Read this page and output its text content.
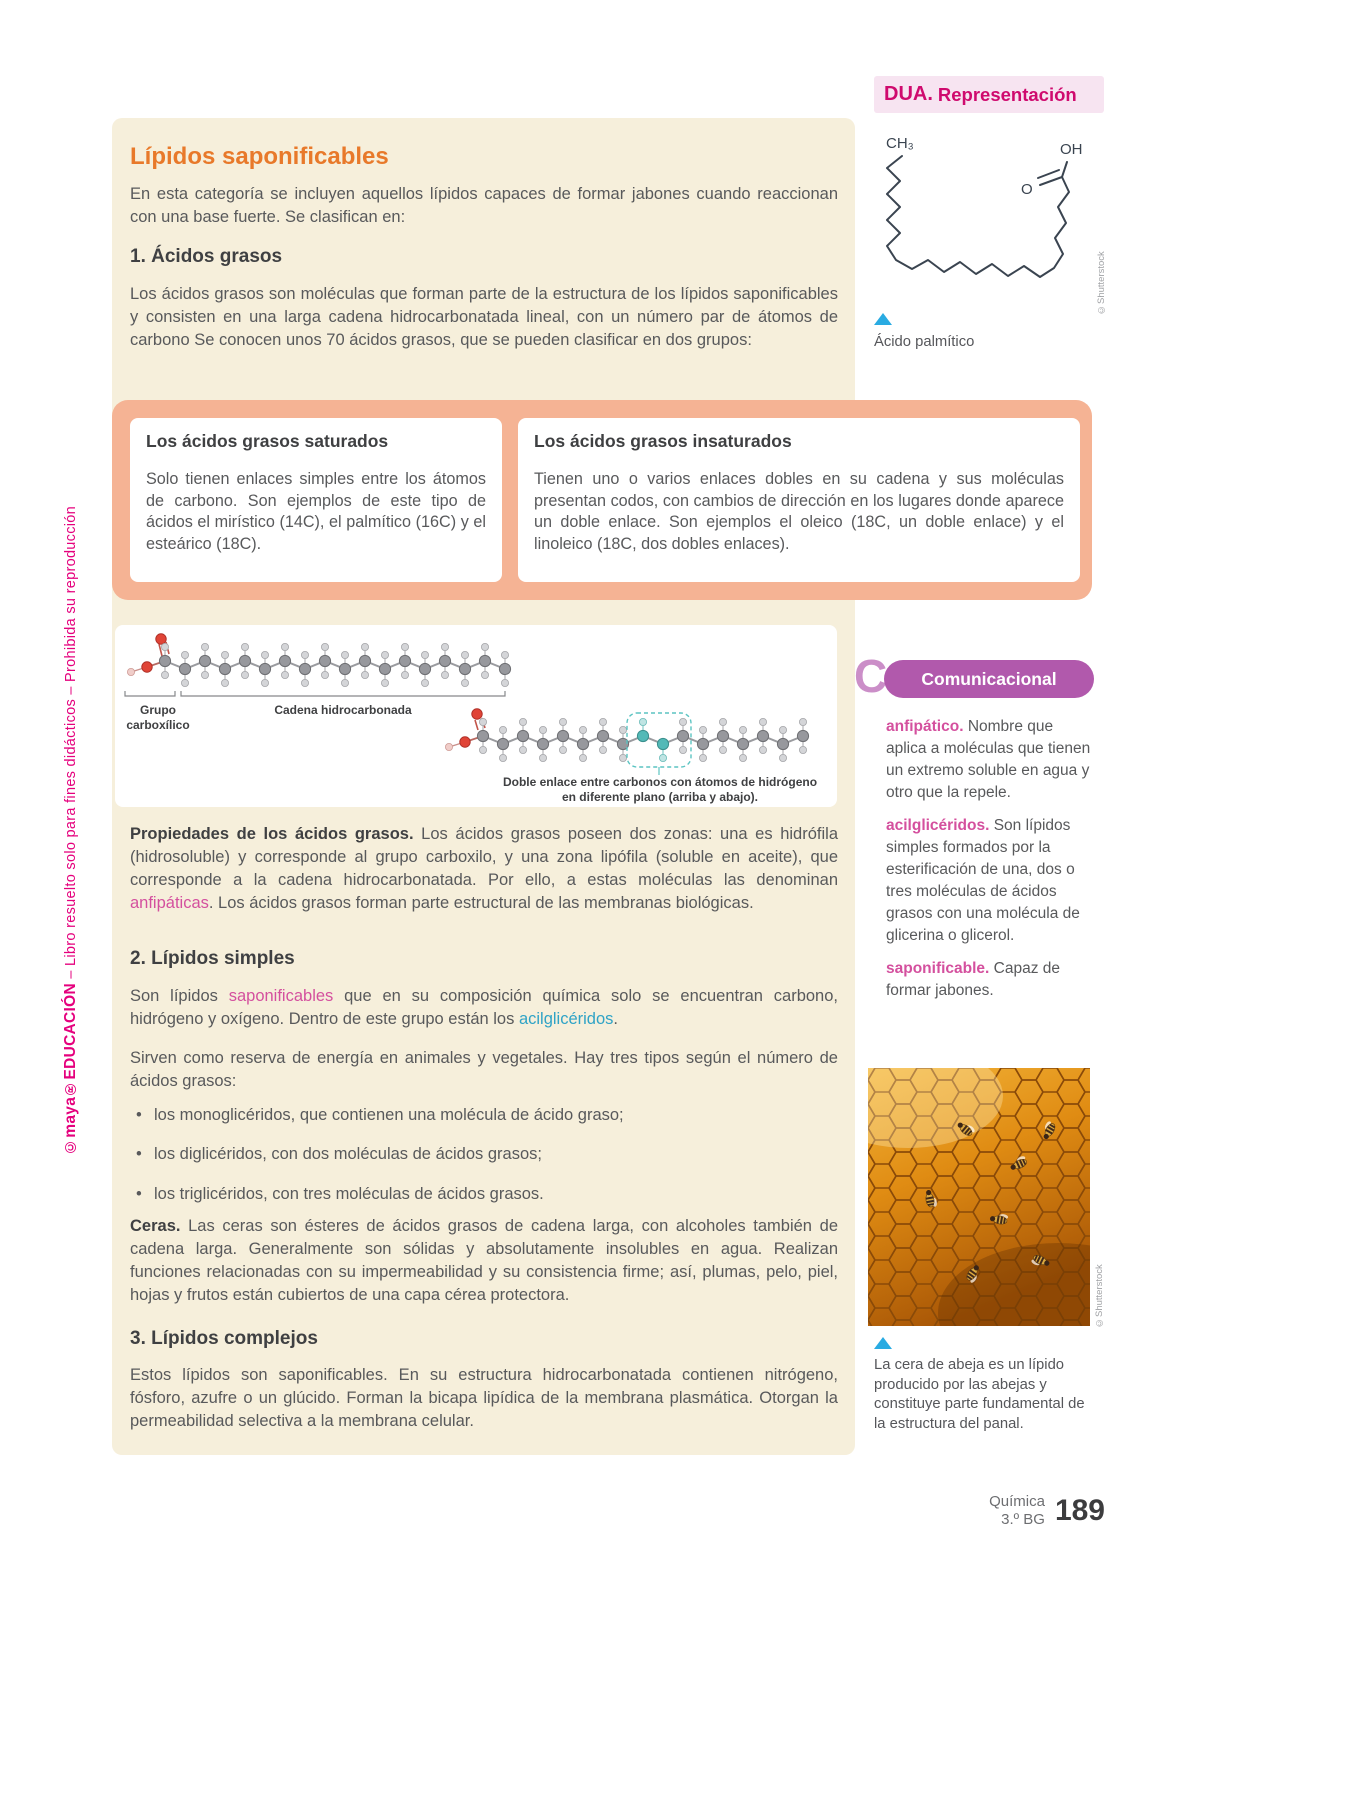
©maya®EDUCACIÓN – Libro resuelto solo para fines didácticos – Prohibida su reproducción
DUA. Representación
Lípidos saponificables
En esta categoría se incluyen aquellos lípidos capaces de formar jabones cuando reaccionan con una base fuerte. Se clasifican en:
1. Ácidos grasos
Los ácidos grasos son moléculas que forman parte de la estructura de los lípidos saponificables y consisten en una larga cadena hidrocarbonatada lineal, con un número par de átomos de carbono Se conocen unos 70 ácidos grasos, que se pueden clasificar en dos grupos:
Los ácidos grasos saturados
Solo tienen enlaces simples entre los átomos de carbono. Son ejemplos de este tipo de ácidos el mirístico (14C), el palmítico (16C) y el esteárico (18C).
Los ácidos grasos insaturados
Tienen uno o varios enlaces dobles en su cadena y sus moléculas presentan codos, con cambios de dirección en los lugares donde aparece un doble enlace. Son ejemplos el oleico (18C, un doble enlace) y el linoleico (18C, dos dobles enlaces).
Grupo carboxílico
Cadena hidrocarbonada
Doble enlace entre carbonos con átomos de hidrógeno en diferente plano (arriba y abajo).
Propiedades de los ácidos grasos. Los ácidos grasos poseen dos zonas: una es hidrófila (hidrosoluble) y corresponde al grupo carboxilo, y una zona lipófila (soluble en aceite), que corresponde a la cadena hidrocarbonatada. Por ello, a estas moléculas las denominan anfipáticas. Los ácidos grasos forman parte estructural de las membranas biológicas.
2. Lípidos simples
Son lípidos saponificables que en su composición química solo se encuentran carbono, hidrógeno y oxígeno. Dentro de este grupo están los acilglicéridos.
Sirven como reserva de energía en animales y vegetales. Hay tres tipos según el número de ácidos grasos:
• los monoglicéridos, que contienen una molécula de ácido graso;
• los diglicéridos, con dos moléculas de ácidos grasos;
• los triglicéridos, con tres moléculas de ácidos grasos.
Ceras. Las ceras son ésteres de ácidos grasos de cadena larga, con alcoholes también de cadena larga. Generalmente son sólidas y absolutamente insolubles en agua. Realizan funciones relacionadas con su impermeabilidad y su consistencia firme; así, plumas, pelo, piel, hojas y frutos están cubiertos de una capa cérea protectora.
3. Lípidos complejos
Estos lípidos son saponificables. En su estructura hidrocarbonatada contienen nitrógeno, fósforo, azufre o un glúcido. Forman la bicapa lipídica de la membrana plasmática. Otorgan la permeabilidad selectiva a la membrana celular.
CH₃	OH
O
©Shutterstock
Ácido palmítico
C
Comunicacional

anfipático. Nombre que aplica a moléculas que tienen un extremo soluble en agua y otro que la repele.

acilglicéridos. Son lípidos simples formados por la esterificación de una, dos o tres moléculas de ácidos grasos con una molécula de glicerina o glicerol.

saponificable. Capaz de formar jabones.

©Shutterstock
La cera de abeja es un lípido producido por las abejas y constituye parte fundamental de la estructura del panal.
Química
3.º BG 189
